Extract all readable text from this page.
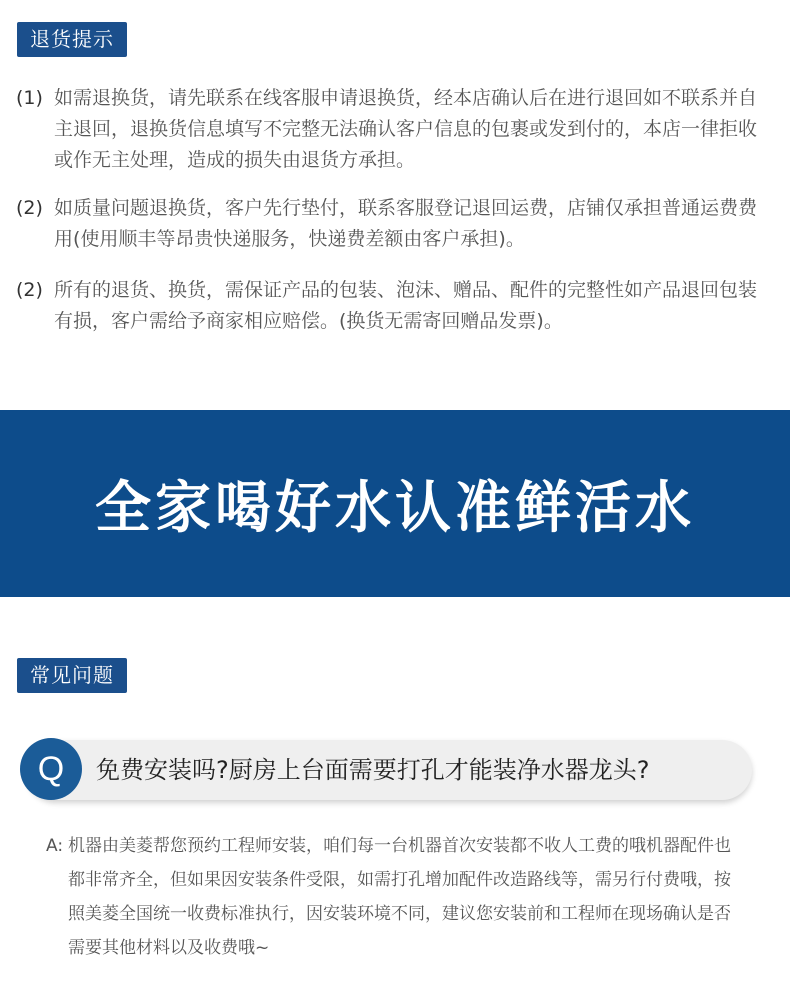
退货提示
(1) 如需退换货，请先联系在线客服申请退换货，经本店确认后在进行退回如不联系并自主退回，退换货信息填写不完整无法确认客户信息的包裹或发到付的，本店一律拒收或作无主处理，造成的损失由退货方承担。
(2) 如质量问题退换货，客户先行垫付，联系客服登记退回运费，店铺仅承担普通运费费用(使用顺丰等昂贵快递服务，快递费差额由客户承担)。
(2) 所有的退货、换货，需保证产品的包装、泡沫、赠品、配件的完整性如产品退回包装有损，客户需给予商家相应赔偿。(换货无需寄回赠品发票)。
全家喝好水认准鲜活水
常见问题
Q	免费安装吗?厨房上台面需要打孔才能装净水器龙头?
A: 机器由美菱帮您预约工程师安装，咱们每一台机器首次安装都不收人工费的哦机器配件也都非常齐全，但如果因安装条件受限，如需打孔增加配件改造路线等，需另行付费哦，按照美菱全国统一收费标准执行，因安装环境不同，建议您安装前和工程师在现场确认是否需要其他材料以及收费哦~
